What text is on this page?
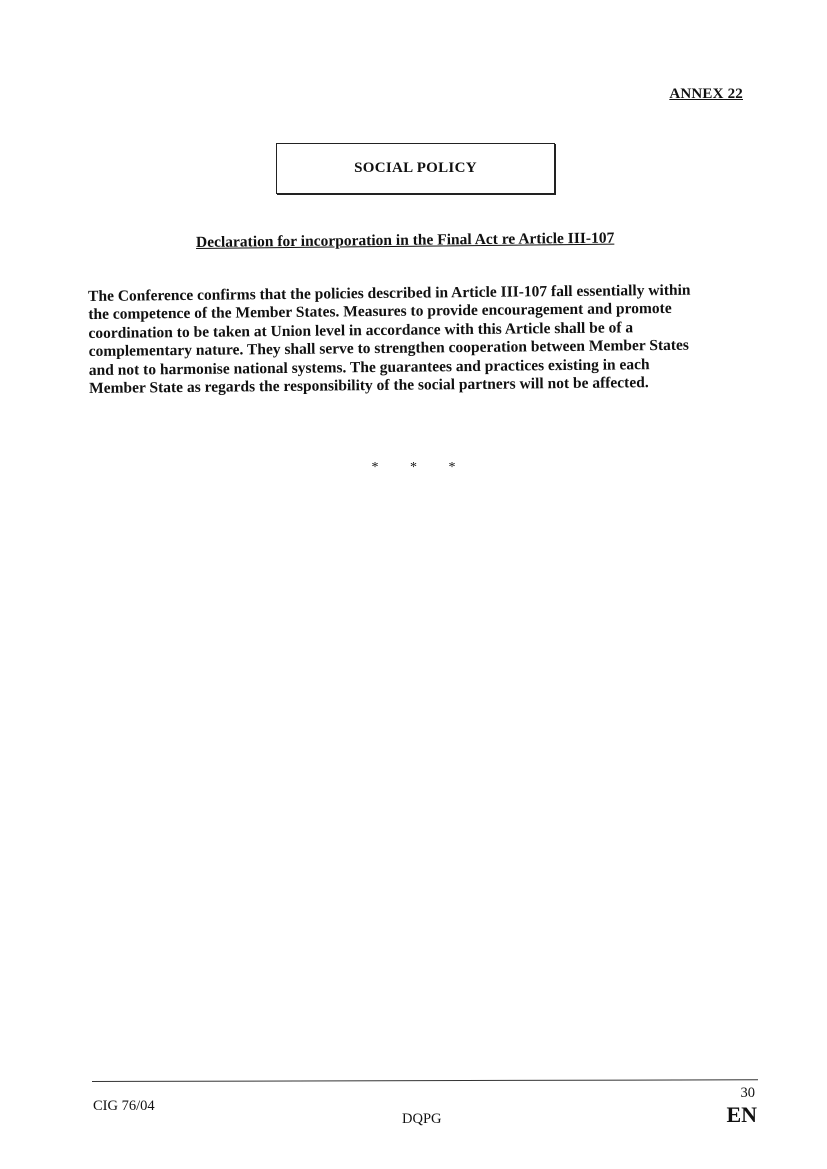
ANNEX 22
SOCIAL POLICY
Declaration for incorporation in the Final Act re Article III-107
The Conference confirms that the policies described in Article III-107 fall essentially within
the competence of the Member States. Measures to provide encouragement and promote
coordination to be taken at Union level in accordance with this Article shall be of a
complementary nature. They shall serve to strengthen cooperation between Member States
and not to harmonise national systems. The guarantees and practices existing in each
Member State as regards the responsibility of the social partners will not be affected.
* * *
CIG 76/04
DQPG
30
EN
